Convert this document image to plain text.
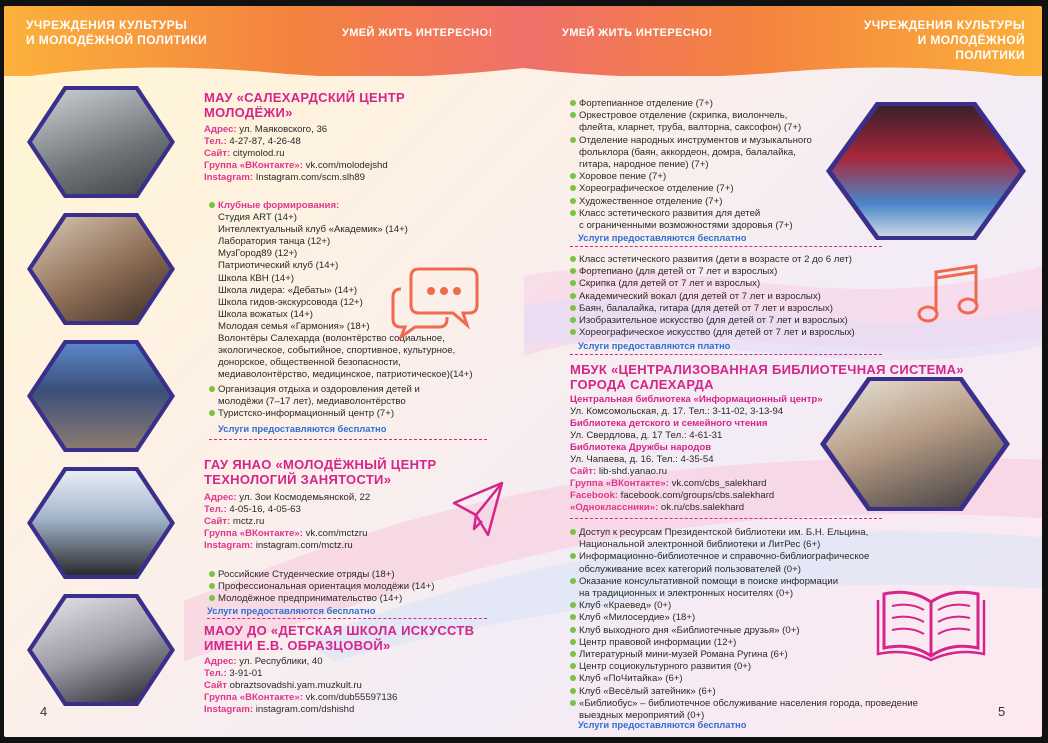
УЧРЕЖДЕНИЯ КУЛЬТУРЫ
И МОЛОДЁЖНОЙ ПОЛИТИКИ	УМЕЙ ЖИТЬ ИНТЕРЕСНО!	УМЕЙ ЖИТЬ ИНТЕРЕСНО!
УЧРЕЖДЕНИЯ КУЛЬТУРЫ
И МОЛОДЁЖНОЙ ПОЛИТИКИ
МАУ «САЛЕХАРДСКИЙ ЦЕНТР
МОЛОДЁЖИ»
Адрес: ул. Маяковского, 36
Тел.: 4-27-87, 4-26-48
Сайт: citymolod.ru
Группа «ВКонтакте»: vk.com/molodejshd
Instagram: Instagram.com/scm.slh89
Клубные формирования:
Студия ART (14+)
Интеллектуальный клуб «Академик» (14+)
Лаборатория танца (12+)
МузГород89 (12+)
Патриотический клуб (14+)
Школа КВН (14+)
Школа лидера: «Дебаты» (14+)
Школа гидов-экскурсовода (12+)
Школа вожатых (14+)
Молодая семья «Гармония» (18+)
Волонтёры Салехарда (волонтёрство социальное,
экологическое, событийное, спортивное, культурное,
донорское, общественной безопасности,
медиаволонтёрство, медицинское, патриотическое)(14+)
Организация отдыха и оздоровления детей и
молодёжи (7–17 лет), медиаволонтёрство
Туристско-информационный центр (7+)
Услуги предоставляются бесплатно
ГАУ ЯНАО «МОЛОДЁЖНЫЙ ЦЕНТР
ТЕХНОЛОГИЙ ЗАНЯТОСТИ»
Адрес: ул. Зои Космодемьянской, 22
Тел.: 4-05-16, 4-05-63
Сайт: mctz.ru
Группа «ВКонтакте»: vk.com/mctzru
Instagram: instagram.com/mctz.ru
Российские Студенческие отряды (18+)
Профессиональная ориентация молодёжи (14+)
Молодёжное предпринимательство (14+)
Услуги предоставляются бесплатно
МАОУ ДО «ДЕТСКАЯ ШКОЛА ИСКУССТВ
ИМЕНИ Е.В. ОБРАЗЦОВОЙ»
Адрес: ул. Республики, 40
Тел.: 3-91-01
Сайт obraztsovadshi.yam.muzkult.ru
Группа «ВКонтакте»: vk.com/dub55597136
Instagram: instagram.com/dshishd
4	5
Фортепианное отделение (7+)
Оркестровое отделение (скрипка, виолончель,
флейта, кларнет, труба, валторна, саксофон) (7+)
Отделение народных инструментов и музыкального
фольклора (баян, аккордеон, домра, балалайка,
гитара, народное пение) (7+)
Хоровое пение (7+)
Хореографическое отделение (7+)
Художественное отделение (7+)
Класс эстетического развития для детей
с ограниченными возможностями здоровья (7+)
Услуги предоставляются бесплатно
Класс эстетического развития (дети в возрасте от 2 до 6 лет)
Фортепиано (для детей от 7 лет и взрослых)
Скрипка (для детей от 7 лет и взрослых)
Академический вокал (для детей от 7 лет и взрослых)
Баян, балалайка, гитара (для детей от 7 лет и взрослых)
Изобразительное искусство (для детей от 7 лет и взрослых)
Хореографическое искусство (для детей от 7 лет и взрослых)
Услуги предоставляются платно
МБУК «ЦЕНТРАЛИЗОВАННАЯ БИБЛИОТЕЧНАЯ СИСТЕМА»
ГОРОДА САЛЕХАРДА
Центральная библиотека «Информационный центр»
Ул. Комсомольская, д. 17. Тел.: 3-11-02, 3-13-94
Библиотека детского и семейного чтения
Ул. Свердлова, д. 17 Тел.: 4-61-31
Библиотека Дружбы народов
Ул. Чапаева, д. 16. Тел.: 4-35-54
Сайт: lib-shd.yanao.ru
Группа «ВКонтакте»: vk.com/cbs_salekhard
Facebook: facebook.com/groups/cbs.salekhard
«Одноклассники»: ok.ru/cbs.salekhard
Доступ к ресурсам Президентской библиотеки им. Б.Н. Ельцина,
Национальной электронной библиотеки и ЛитРес (6+)
Информационно-библиотечное и справочно-библиографическое
обслуживание всех категорий пользователей (0+)
Оказание консультативной помощи в поиске информации
на традиционных и электронных носителях (0+)
Клуб «Краевед» (0+)
Клуб «Милосердие» (18+)
Клуб выходного дня «Библиотечные друзья» (0+)
Центр правовой информации (12+)
Литературный мини-музей Романа Ругина (6+)
Центр социокультурного развития (0+)
Клуб «ПоЧитайка» (6+)
Клуб «Весёлый затейник» (6+)
«Библиобус» – библиотечное обслуживание населения города, проведение
выездных мероприятий (0+)
Услуги предоставляются бесплатно
